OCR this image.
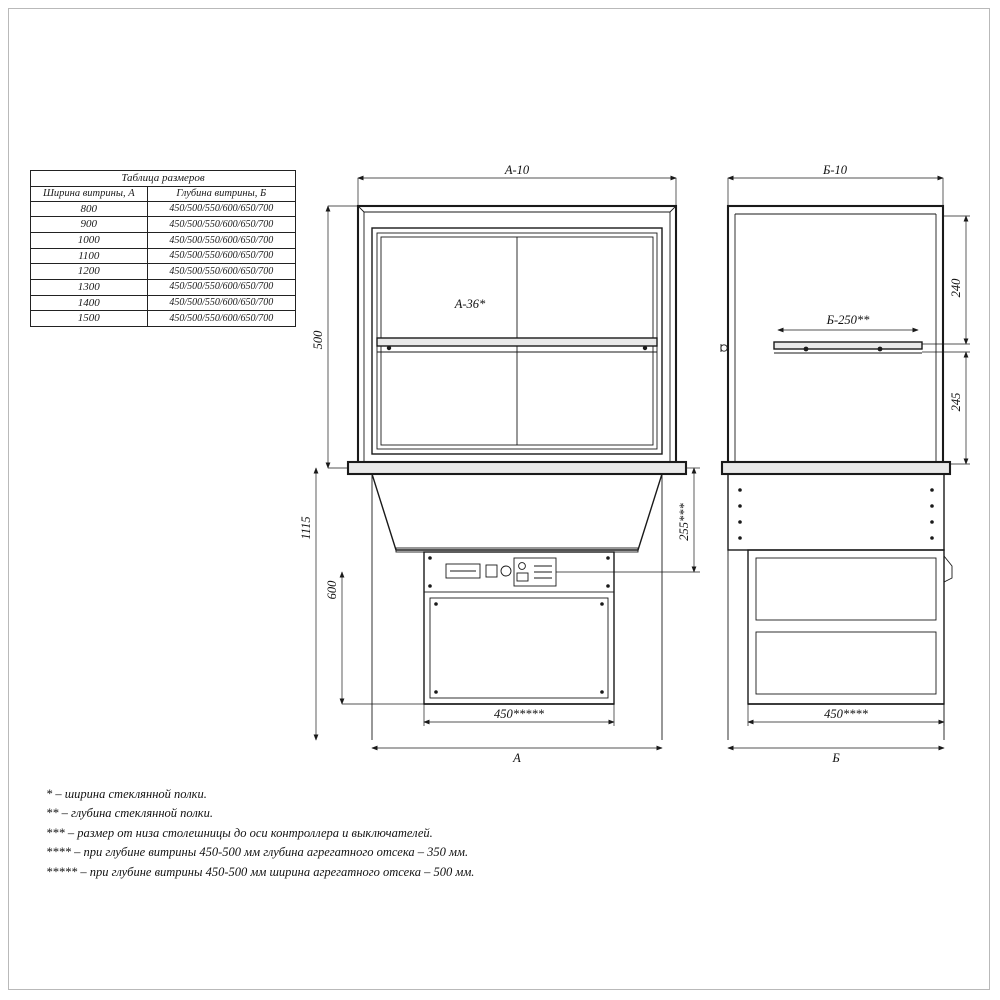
Таблица размеров	
Ширина витрины, А	Глубина витрины, Б
800	450/500/550/600/650/700
900	450/500/550/600/650/700
1000	450/500/550/600/650/700
1100	450/500/550/600/650/700
1200	450/500/550/600/650/700
1300	450/500/550/600/650/700
1400	450/500/550/600/650/700
1500	450/500/550/600/650/700
А-10
А-36*
500
1115
600
255***
450*****
А
Б-10
Б-250**
240
245
450****
Б
* – ширина стеклянной полки.
** – глубина стеклянной полки.
*** – размер от низа столешницы до оси контроллера и выключателей.
**** – при глубине витрины 450-500 мм глубина агрегатного отсека – 350 мм.
***** – при глубине витрины 450-500 мм ширина агрегатного отсека – 500 мм.
